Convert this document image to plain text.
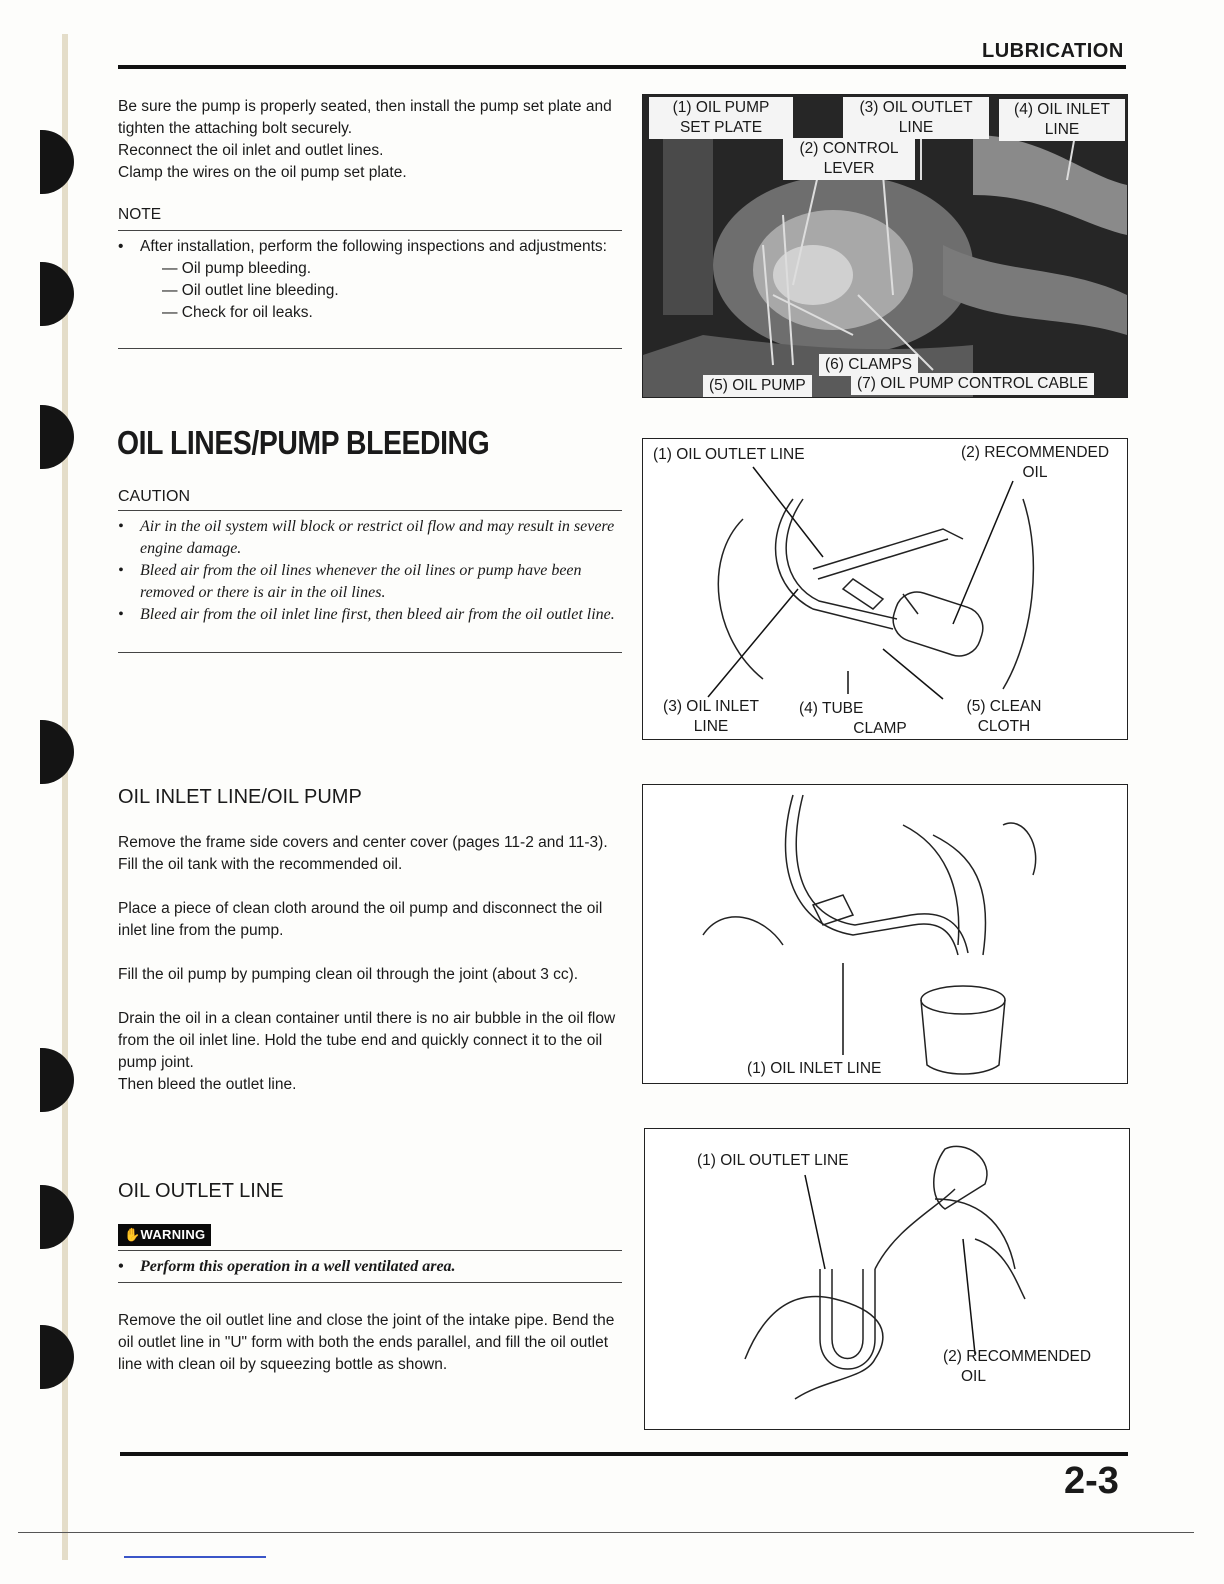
LUBRICATION

Be sure the pump is properly seated, then install the pump set plate and tighten the attaching bolt securely.

Reconnect the oil inlet and outlet lines.

Clamp the wires on the oil pump set plate.

NOTE
• After installation, perform the following inspections and adjustments:
— Oil pump bleeding.
— Oil outlet line bleeding.
— Check for oil leaks.
OIL LINES/PUMP BLEEDING
CAUTION
• Air in the oil system will block or restrict oil flow and may result in severe engine damage.
• Bleed air from the oil lines whenever the oil lines or pump have been removed or there is air in the oil lines.
• Bleed air from the oil inlet line first, then bleed air from the oil outlet line.
OIL INLET LINE/OIL PUMP

Remove the frame side covers and center cover (pages 11-2 and 11-3).

Fill the oil tank with the recommended oil.

Place a piece of clean cloth around the oil pump and disconnect the oil inlet line from the pump.

Fill the oil pump by pumping clean oil through the joint (about 3 cc).

Drain the oil in a clean container until there is no air bubble in the oil flow from the oil inlet line. Hold the tube end and quickly connect it to the oil pump joint.

Then bleed the outlet line.

OIL OUTLET LINE
✋WARNING
• Perform this operation in a well ventilated area.
Remove the oil outlet line and close the joint of the intake pipe. Bend the oil outlet line in "U" form with both the ends parallel, and fill the oil outlet line with clean oil by squeezing bottle as shown.
(1) OIL PUMP
SET PLATE
(2) CONTROL
LEVER
(3) OIL OUTLET
LINE
(4) OIL INLET
LINE
(5) OIL PUMP
(6) CLAMPS
(7) OIL PUMP CONTROL CABLE
(1) OIL OUTLET LINE	(2) RECOMMENDED
OIL
(3) OIL INLET
LINE
(4) TUBE
CLAMP
(5) CLEAN
CLOTH
(1) OIL INLET LINE
(1) OIL OUTLET LINE
(2) RECOMMENDED
OIL
2-3
